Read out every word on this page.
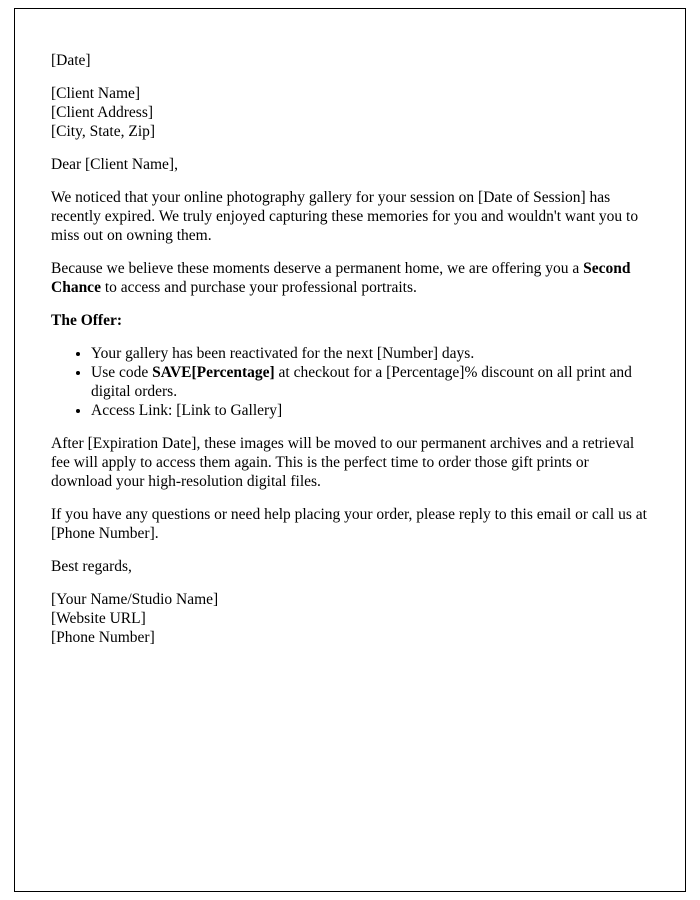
[Date]

[Client Name]
[Client Address]
[City, State, Zip]

Dear [Client Name],

We noticed that your online photography gallery for your session on [Date of Session] has recently expired. We truly enjoyed capturing these memories for you and wouldn't want you to miss out on owning them.

Because we believe these moments deserve a permanent home, we are offering you a Second Chance to access and purchase your professional portraits.

The Offer:

• Your gallery has been reactivated for the next [Number] days.
• Use code SAVE[Percentage] at checkout for a [Percentage]% discount on all print and digital orders.
• Access Link: [Link to Gallery]

After [Expiration Date], these images will be moved to our permanent archives and a retrieval fee will apply to access them again. This is the perfect time to order those gift prints or download your high-resolution digital files.

If you have any questions or need help placing your order, please reply to this email or call us at [Phone Number].

Best regards,

[Your Name/Studio Name]
[Website URL]
[Phone Number]
